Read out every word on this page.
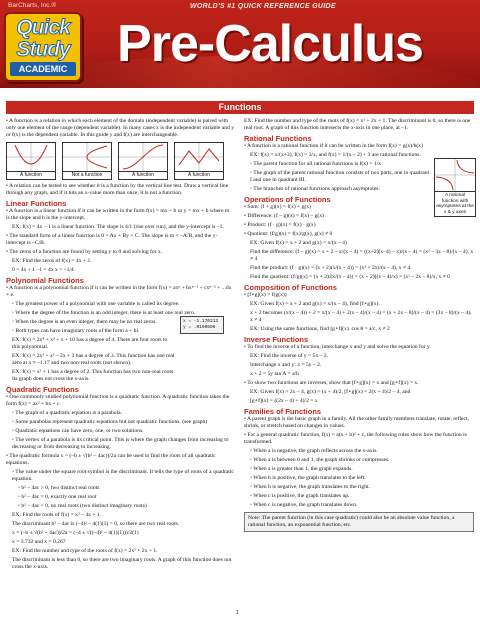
BarCharts, Inc.®	WORLD'S #1 QUICK REFERENCE GUIDE
Quick
Study
ACADEMIC Pre-Calculus
Functions

• A function is a relation in which each element of the domain (independent variable) is paired with only one element of the range (dependent variable). In many cases x is the independent variable and y or f(x) is the dependent variable. In this guide y and f(x) are interchangeable.

A function	Not a function	A function	A function

• A relation can be tested to see whether it is a function by the vertical line test. Draw a vertical line through any graph, and if it hits an x-value more than once, it is not a function.

Linear Functions

• A function is a linear function if it can be written in the form f(x) = mx + b or y = mx + b where m is the slope and b is the y-intercept.

EX: f(x) = 4x – 1 is a linear function. The slope is 4/1 (rise over run), and the y-intercept is –1.

• The standard form of a linear function is 0 = Ax + By + C. The slope is m = –A/B, and the y-intercept is –C/B.

• The zeros of a function are found by setting y to 0 and solving for x.

EX: Find the zeros of f(x) = 4x + 1.

0 = 4x + 1 –1 = 4x x = –1/4

Polynomial Functions

• A function is a polynomial function if it can be written in the form f(x) = axⁿ + bxⁿ⁻¹ + cxⁿ⁻² + ...dx + e.

◦ The greatest power of a polynomial with one variable is called its degree.

◦ Where the degree of the function is an odd integer, there is at least one real zero.

◦ When the degree is an even integer, there may be no real zeros.

◦ Both types can have imaginary roots of the form a + bi.

EX: f(x) = 2x⁴ + x³ + x + 10 has a degree of 4. There are four roots to this polynomial.

EX: f(x) = 2x³ + x² – 2x + 3 has a degree of 3. This function has one real zero at x ≈ –1.17 and two non-real roots (not shown).

EX: f(x) = x² + 1 has a degree of 2. This function has two non-real roots. Its graph does not cross the x-axis.

Quadratic Functions

• One commonly studied polynomial function is a quadratic function. A quadratic function takes the form f(x) = ax² + bx + c

◦ The graph of a quadratic equation is a parabola.

◦ Some parabolas represent quadratic equations but not quadratic functions. (see graph)

◦ Quadratic equations can have zero, one, or two solutions.

◦ The vertex of a parabola is its critical point. This is where the graph changes from increasing to decreasing or from decreasing to increasing.

• The quadratic formula x = (–b ± √(b² – 4ac))/2a can be used to find the roots of all quadratic equations.

◦ The value under the square root symbol is the discriminant. It tells the type of roots of a quadratic equation.

◦ b² – 4ac > 0, two distinct real roots

◦ b² – 4ac = 0, exactly one real root

◦ b² – 4ac < 0, no real roots (two distinct imaginary roots)

EX: Find the roots of f(x) = x² – 4x + 1.

The discriminant b² – 4ac is (–4)² – 4(1)(1) > 0, so there are two real roots.

x = (–b ± √(b² – 4ac))/2a = (–4 ± √((–4)² – 4(1)(1)))/2(1)

x = 3.732 and x = 0.267

EX: Find the number and type of the roots of f(x) = 2x² + 2x + 1.

The discriminant is less than 0, so there are two imaginary roots. A graph of this function does not cross the x-axis.

x = -1.170213
y = .0100606
A rational function with asymptotes at the x & y axes

EX: Find the number and type of the roots of f(x) = x² + 2x + 1. The discriminant is 0, so there is one real root. A graph of this function intersects the x-axis in one place, at –1.

Rational Functions

• A function is a rational function if it can be written in the form f(x) = g(x)/h(x)

EX: f(x) = x/(x+3), f(x) = 3/x, and f(x) = 1/(x – 2) + 3 are rational functions.

◦ The parent function for all rational functions is f(x) = 1/x

◦ The graph of the parent rational function consists of two parts, one in quadrant I and one in quadrant III.

◦ The branches of rational functions approach asymptotes.

Operations of Functions

• Sum: (f + g)(x) = f(x) + g(x)

• Difference: (f – g)(x) = f(x) – g(x)

• Product: (f · g)(x) = f(x) · g(x)

• Quotient: (f/g)(x) = f(x)/g(x), g(x) ≠ 0

EX: Given f(x) = x + 2 and g(x) = x/(x – 4)

Find the difference: (f – g)(x) = x + 2 – x/(x – 4) = ((x+2)(x–4) – x)/(x – 4) = (x² – 3x – 8)/(x – 4), x ≠ 4

Find the product: (f · g)(x) = (x + 2)(x/(x – 4)) = (x² + 2x)/(x – 4), x ≠ 4.

Find the quotient: (f/g)(x) = (x + 2)/(x/(x – 4)) = (x + 2)((x – 4)/x) = (x² – 2x – 8)/x, x ≠ 0

Composition of Functions

• [f∘g](x) = f(g(x))

EX: Given f(x) = x + 2 and g(x) = x/(x – 4), find [f∘g](x).

x + 2 becomes (x/(x – 4)) + 2 = x/(x – 4) + 2(x – 4)/(x – 4) = (x + 2x – 8)/(x – 4) = (3x – 8)/(x – 4), x ≠ 4

EX: Using the same functions, find [g∘f](x). cos θ = a/c, x ≠ 2

Inverse Functions

• To find the inverse of a function, interchange x and y and solve the equation for y.

EX: Find the inverse of y = 5x – 2.

Interchange x and y: x = 5y – 2.

x + 2 = 5y tan A = a/b

• To show two functions are inverses, show that [f∘g](x) = x and [g∘f](x) = x.

EX: Given f(x) = 2x – 4, g(x) = (x + 4)/2, [f∘g](x) = 2(x + 4)/2 – 4, and

[g∘f](x) = ((2x – 4) + 4)/2 = x

Families of Functions

• A parent graph is the basic graph in a family. All the other family members translate, rotate, reflect, shrink, or stretch based on changes in values.

• For a general quadratic function, f(x) = a(x + b)² + c, the following rules show how the function is transformed.

◦ When a is negative, the graph reflects across the x-axis.

◦ When a is between 0 and 1, the graph shrinks or compresses.

◦ When a is greater than 1, the graph expands.

◦ When b is positive, the graph translates to the left.

◦ When b is negative, the graph translates to the right.

◦ When c is positive, the graph translates up.

◦ When c is negative, the graph translates down.

Note: The parent function (in this case quadratic) could also be an absolute value function, a rational function, an exponential function, etc.
1
